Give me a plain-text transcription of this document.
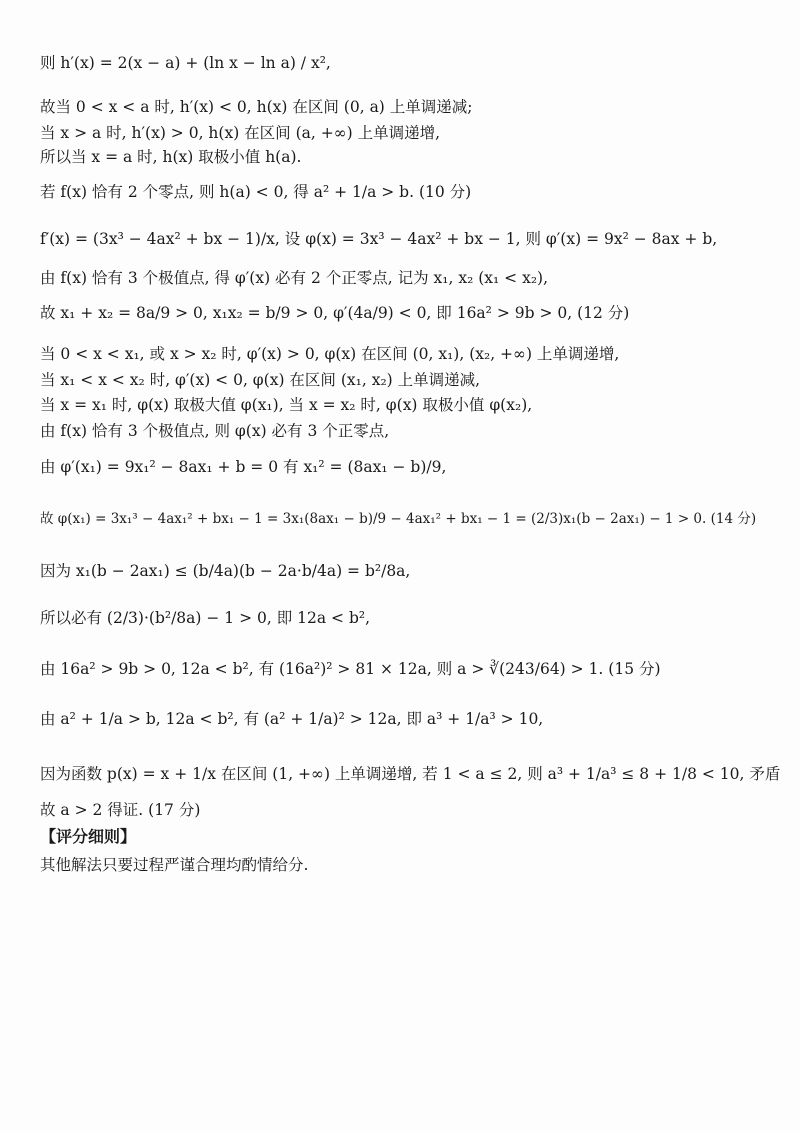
则 h′(x) = 2(x − a) + (ln x − ln a) / x²,
故当 0 < x < a 时, h′(x) < 0, h(x) 在区间 (0, a) 上单调递减;
当 x > a 时, h′(x) > 0, h(x) 在区间 (a, +∞) 上单调递增,
所以当 x = a 时, h(x) 取极小值 h(a).
若 f(x) 恰有 2 个零点, 则 h(a) < 0, 得 a² + 1/a > b. (10 分)
f′(x) = (3x³ − 4ax² + bx − 1)/x, 设 φ(x) = 3x³ − 4ax² + bx − 1, 则 φ′(x) = 9x² − 8ax + b,
由 f(x) 恰有 3 个极值点, 得 φ′(x) 必有 2 个正零点, 记为 x₁, x₂ (x₁ < x₂),
故 x₁ + x₂ = 8a/9 > 0, x₁x₂ = b/9 > 0, φ′(4a/9) < 0, 即 16a² > 9b > 0, (12 分)
当 0 < x < x₁, 或 x > x₂ 时, φ′(x) > 0, φ(x) 在区间 (0, x₁), (x₂, +∞) 上单调递增,
当 x₁ < x < x₂ 时, φ′(x) < 0, φ(x) 在区间 (x₁, x₂) 上单调递减,
当 x = x₁ 时, φ(x) 取极大值 φ(x₁), 当 x = x₂ 时, φ(x) 取极小值 φ(x₂),
由 f(x) 恰有 3 个极值点, 则 φ(x) 必有 3 个正零点,
由 φ′(x₁) = 9x₁² − 8ax₁ + b = 0 有 x₁² = (8ax₁ − b)/9,
故 φ(x₁) = 3x₁³ − 4ax₁² + bx₁ − 1 = 3x₁(8ax₁ − b)/9 − 4ax₁² + bx₁ − 1 = (2/3)x₁(b − 2ax₁) − 1 > 0. (14 分)
因为 x₁(b − 2ax₁) ≤ (b/4a)(b − 2a·b/4a) = b²/8a,
所以必有 (2/3)·(b²/8a) − 1 > 0, 即 12a < b²,
由 16a² > 9b > 0, 12a < b², 有 (16a²)² > 81 × 12a, 则 a > ∛(243/64) > 1. (15 分)
由 a² + 1/a > b, 12a < b², 有 (a² + 1/a)² > 12a, 即 a³ + 1/a³ > 10,
因为函数 p(x) = x + 1/x 在区间 (1, +∞) 上单调递增, 若 1 < a ≤ 2, 则 a³ + 1/a³ ≤ 8 + 1/8 < 10, 矛盾
故 a > 2 得证. (17 分)
【评分细则】
其他解法只要过程严谨合理均酌情给分.
